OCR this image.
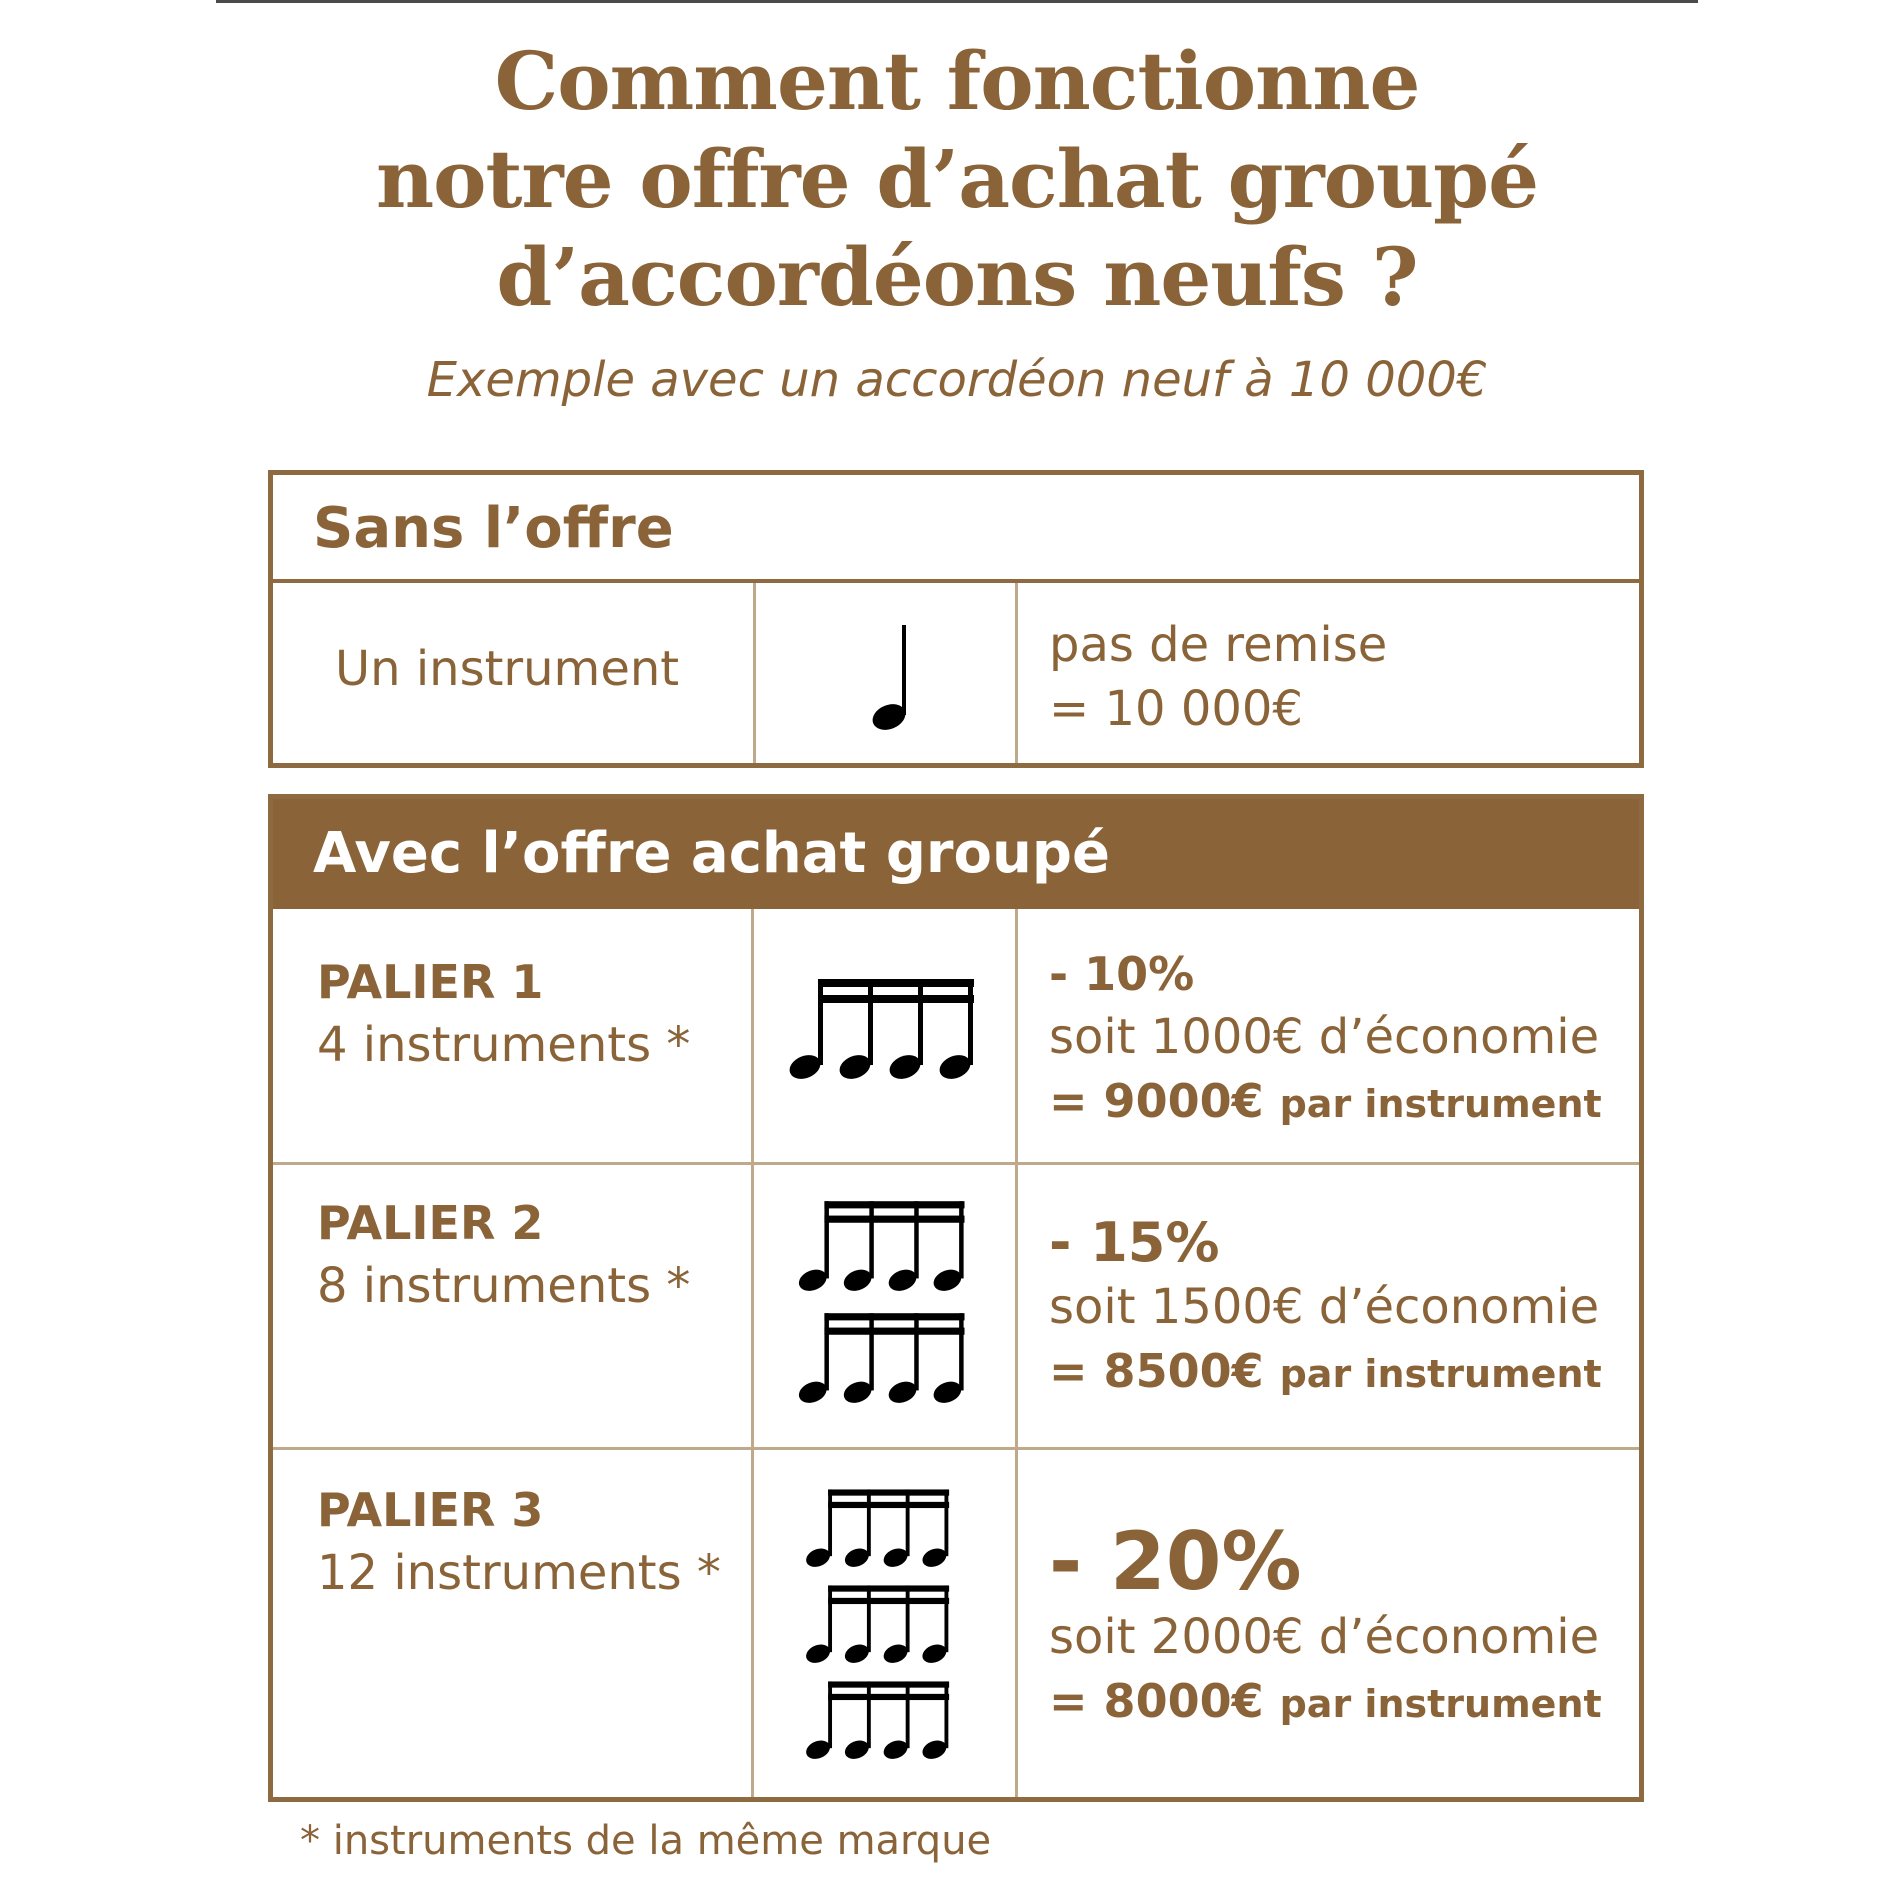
Comment fonctionne
notre offre d’achat groupé
d’accordéons neufs ?
Exemple avec un accordéon neuf à 10 000€
Sans l’offre
Un instrument	pas de remise
= 10 000€
Avec l’offre achat groupé
PALIER 1
4 instruments *
- 10%
soit 1000€ d’économie
= 9000€ par instrument
PALIER 2
8 instruments *
- 15%
soit 1500€ d’économie
= 8500€ par instrument
PALIER 3
12 instruments *	- 20%
soit 2000€ d’économie
= 8000€ par instrument
* instruments de la même marque
